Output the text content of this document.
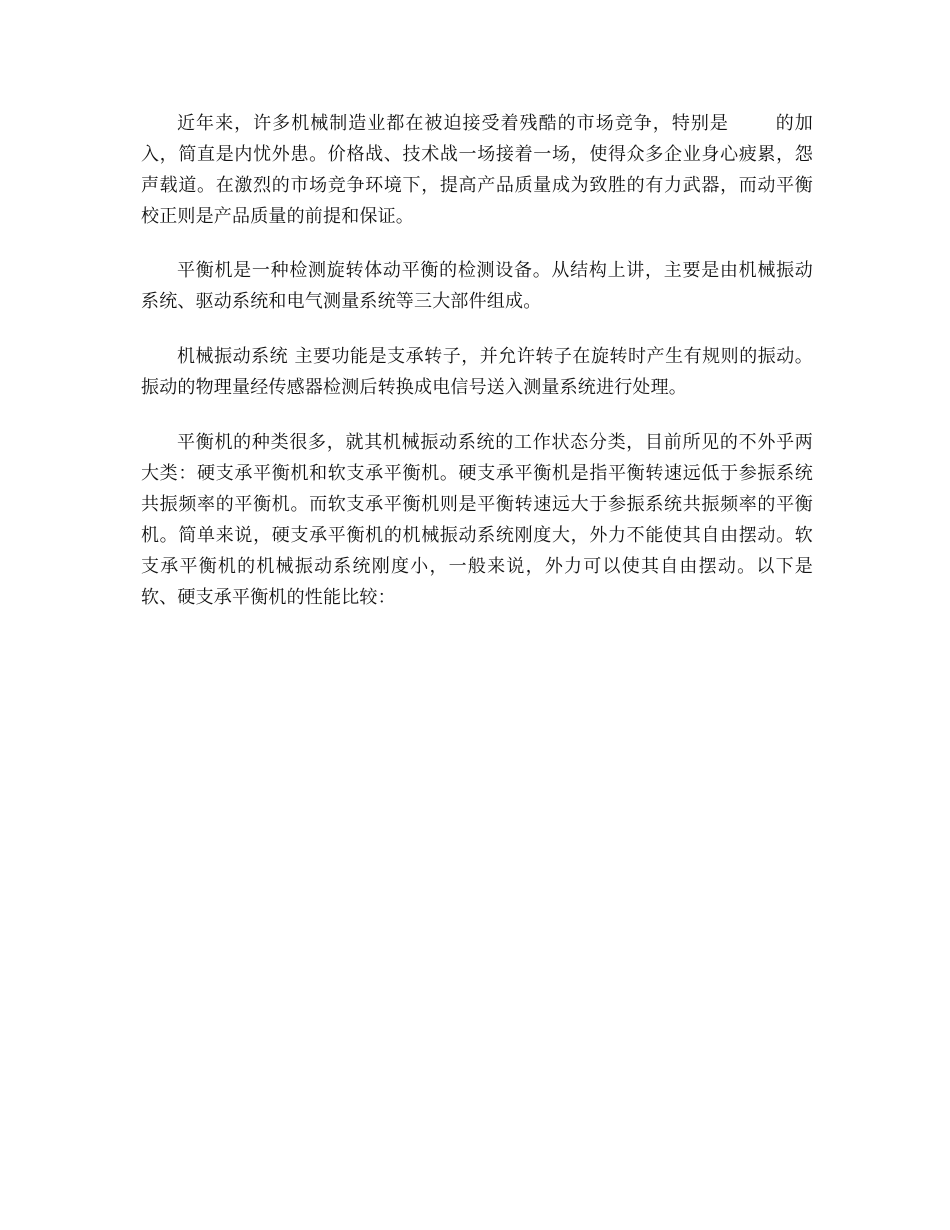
近年来，许多机械制造业都在被迫接受着残酷的市场竞争，特别是	的加入，简直是内忧外患。价格战、技术战一场接着一场，使得众多企业身心疲累，怨声载道。在激烈的市场竞争环境下，提高产品质量成为致胜的有力武器，而动平衡校正则是产品质量的前提和保证。

平衡机是一种检测旋转体动平衡的检测设备。从结构上讲，主要是由机械振动系统、驱动系统和电气测量系统等三大部件组成。

机械振动系统 主要功能是支承转子，并允许转子在旋转时产生有规则的振动。振动的物理量经传感器检测后转换成电信号送入测量系统进行处理。

平衡机的种类很多，就其机械振动系统的工作状态分类，目前所见的不外乎两大类：硬支承平衡机和软支承平衡机。硬支承平衡机是指平衡转速远低于参振系统共振频率的平衡机。而软支承平衡机则是平衡转速远大于参振系统共振频率的平衡机。简单来说，硬支承平衡机的机械振动系统刚度大，外力不能使其自由摆动。软支承平衡机的机械振动系统刚度小，一般来说，外力可以使其自由摆动。以下是软、硬支承平衡机的性能比较：
